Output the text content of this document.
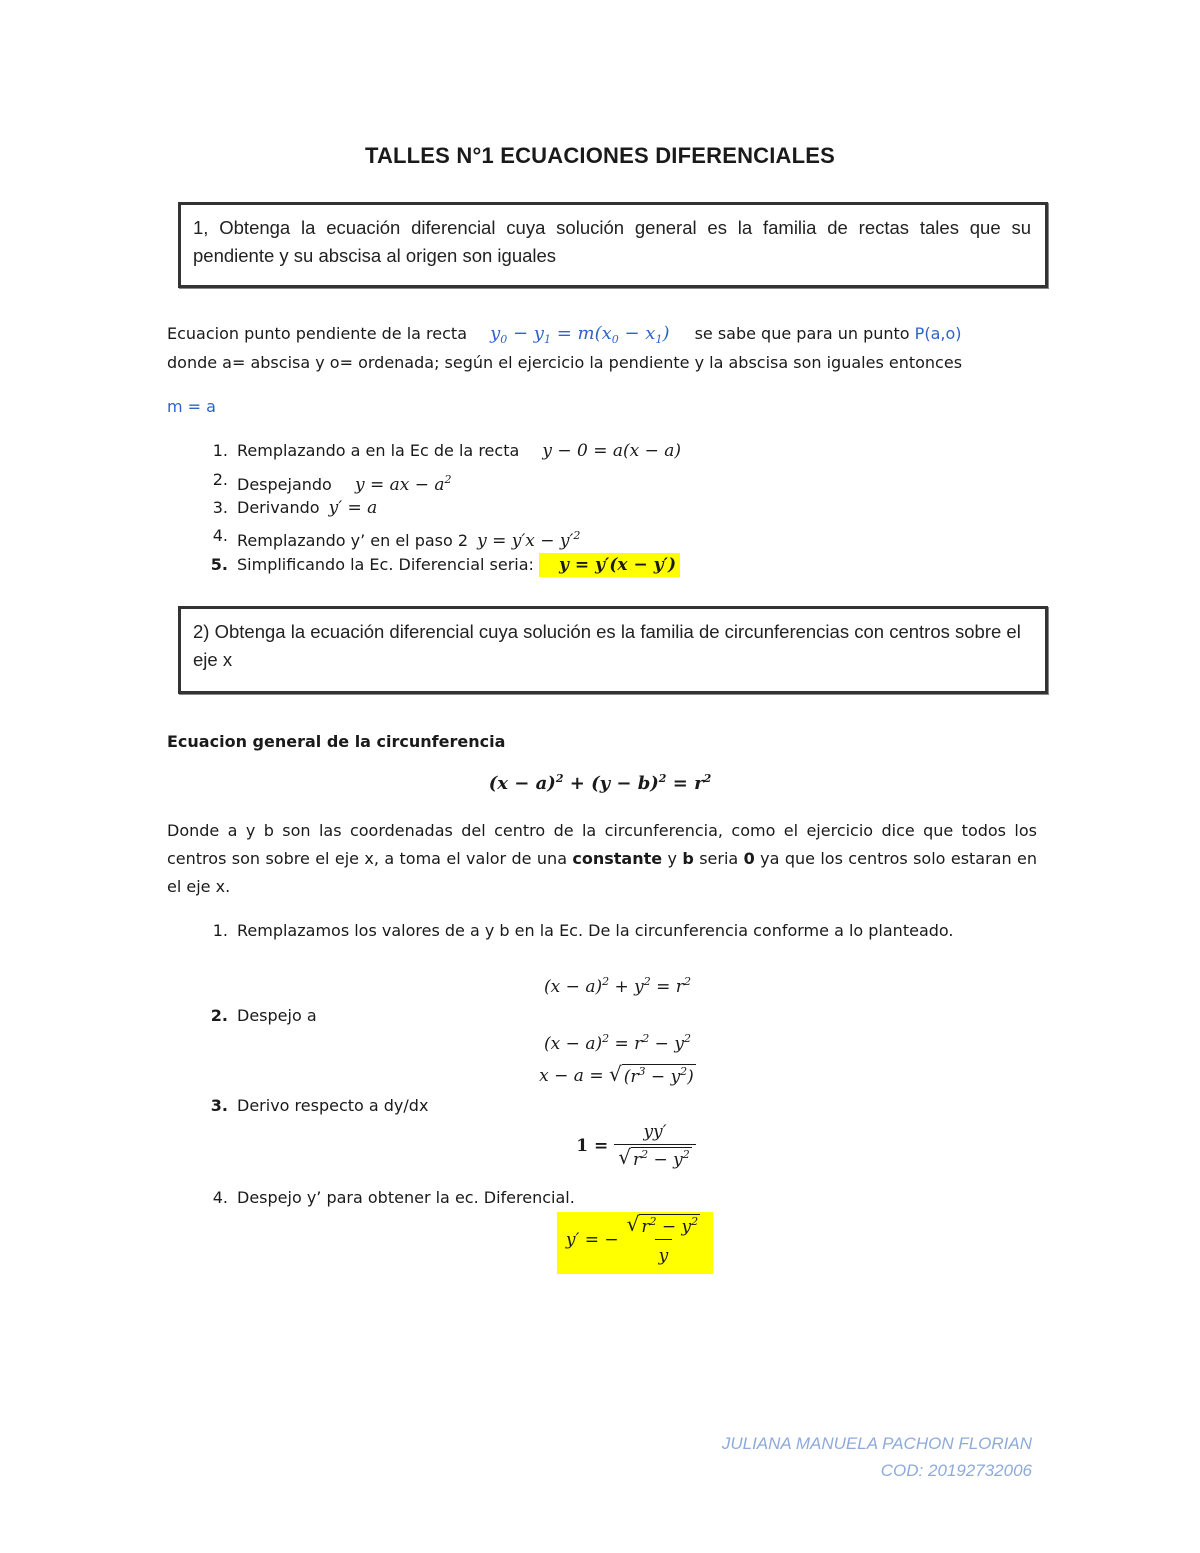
TALLES N°1 ECUACIONES DIFERENCIALES
1, Obtenga la ecuación diferencial cuya solución general es la familia de rectas tales que su pendiente y su abscisa al origen son iguales
Ecuacion punto pendiente de la recta $y_0 - y_1 = m(x_0 - x_1)$ se sabe que para un punto P(a,o)
donde a= abscisa y o= ordenada; según el ejercicio la pendiente y la abscisa son iguales entonces
m = a
1. Remplazando a en la Ec de la recta y − 0 = a(x − a)
2. Despejando y = ax − $a^2$
3. Derivando y′ = a
4. Remplazando y’ en el paso 2 $y = y'x - y'^2$
5. Simplificando la Ec. Diferencial seria: y = y′(x − y′)
2) Obtenga la ecuación diferencial cuya solución es la familia de circunferencias con centros sobre el eje x
Ecuacion general de la circunferencia
$(x - a)^2 + (y - b)^2 = r^2$
Donde a y b son las coordenadas del centro de la circunferencia, como el ejercicio dice que todos los centros son sobre el eje x, a toma el valor de una constante y b seria 0 ya que los centros solo estaran en el eje x.
1. Remplazamos los valores de a y b en la Ec. De la circunferencia conforme a lo planteado.
$(x - a)^2 + y^2 = r^2$
2. Despejo a
$(x - a)^2 = r^2 - y^2$
x − a = √ $(r^3 - y^2)$
3. Derivo respecto a dy/dx
$1 = \frac{yy'}{√ r^2 - y^2}$
4. Despejo y’ para obtener la ec. Diferencial.
y′ = − $\frac{√ r^2 - y^2}{y}$
JULIANA MANUELA PACHON FLORIAN
COD: 20192732006
